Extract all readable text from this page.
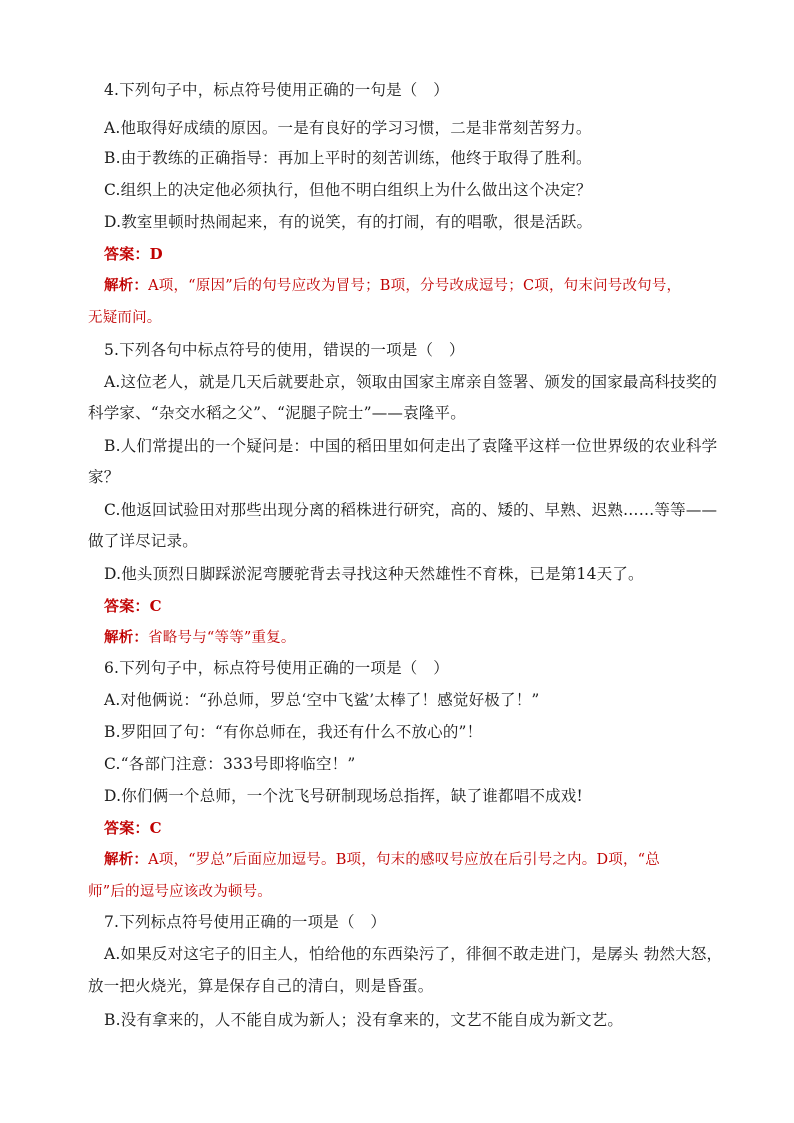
4.下列句子中，标点符号使用正确的一句是（　）
A.他取得好成绩的原因。一是有良好的学习习惯，二是非常刻苦努力。
B.由于教练的正确指导：再加上平时的刻苦训练，他终于取得了胜利。
C.组织上的决定他必须执行，但他不明白组织上为什么做出这个决定？
D.教室里顿时热闹起来，有的说笑，有的打闹，有的唱歌，很是活跃。
答案：D
解析：A项，“原因”后的句号应改为冒号；B项，分号改成逗号；C项，句末问号改句号，
无疑而问。
5.下列各句中标点符号的使用，错误的一项是（　）
A.这位老人，就是几天后就要赴京，领取由国家主席亲自签署、颁发的国家最高科技奖的
科学家、“杂交水稻之父”、“泥腿子院士”——袁隆平。
B.人们常提出的一个疑问是：中国的稻田里如何走出了袁隆平这样一位世界级的农业科学
家？
C.他返回试验田对那些出现分离的稻株进行研究，高的、矮的、早熟、迟熟……等等——
做了详尽记录。
D.他头顶烈日脚踩淤泥弯腰驼背去寻找这种天然雄性不育株，已是第14天了。
答案：C
解析：省略号与“等等”重复。
6.下列句子中，标点符号使用正确的一项是（　）
A.对他俩说：“孙总师，罗总‘空中飞鲨’太棒了！感觉好极了！”
B.罗阳回了句：“有你总师在，我还有什么不放心的”！
C.“各部门注意：333号即将临空！”
D.你们俩一个总师，一个沈飞号研制现场总指挥，缺了谁都唱不成戏!
答案：C
解析：A项，“罗总”后面应加逗号。B项，句末的感叹号应放在后引号之内。D项，“总
师”后的逗号应该改为顿号。
7.下列标点符号使用正确的一项是（　）
A.如果反对这宅子的旧主人，怕给他的东西染污了，徘徊不敢走进门，是孱头 勃然大怒，
放一把火烧光，算是保存自己的清白，则是昏蛋。
B.没有拿来的，人不能自成为新人；没有拿来的，文艺不能自成为新文艺。
